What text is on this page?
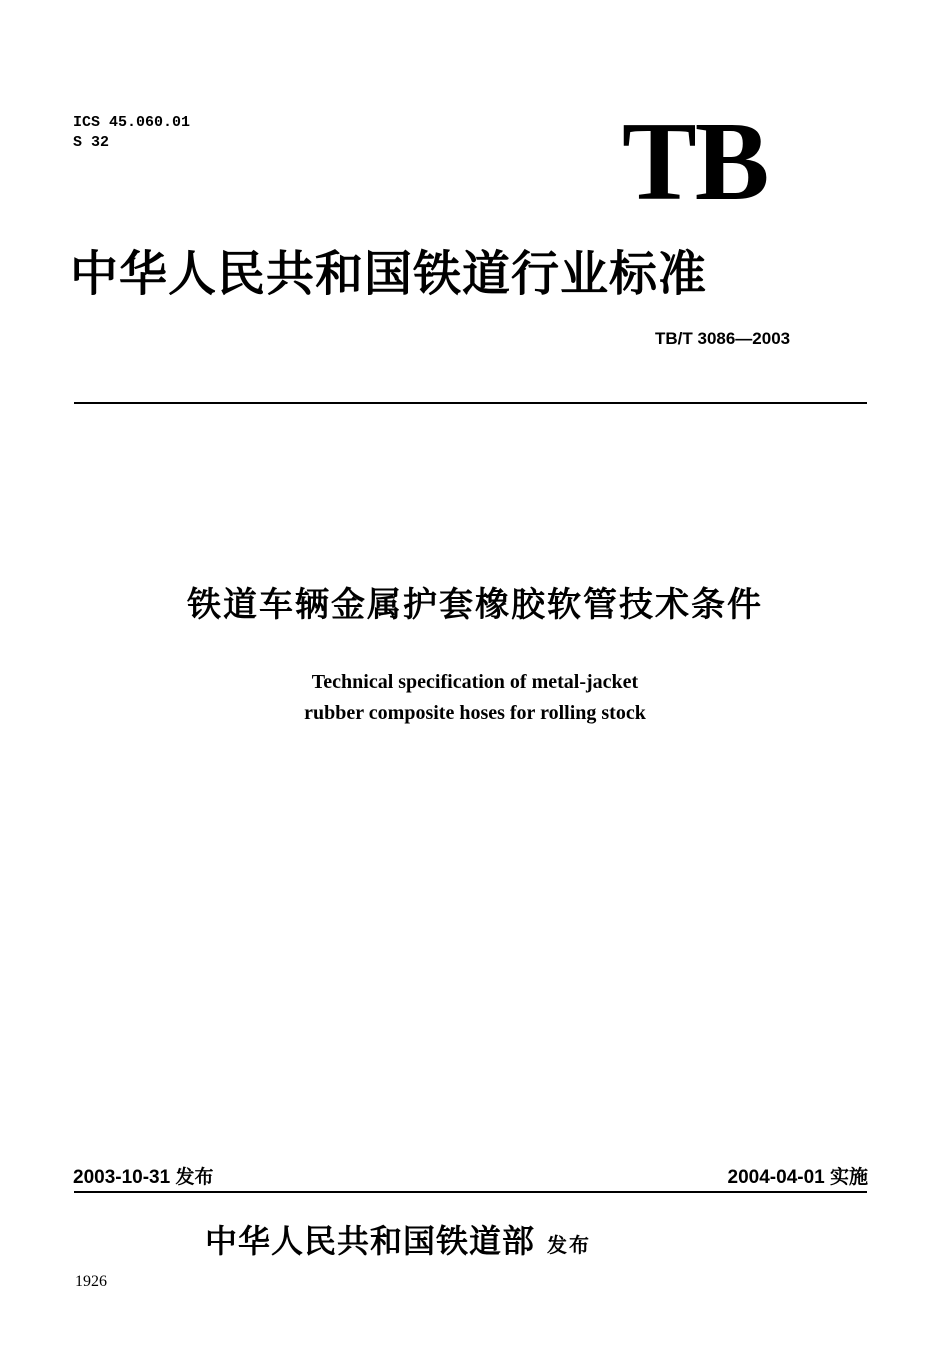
ICS 45.060.01
S 32	TB
中华人民共和国铁道行业标准
TB/T 3086—2003
铁道车辆金属护套橡胶软管技术条件
Technical specification of metal-jacket
rubber composite hoses for rolling stock
2003-10-31 发布	2004-04-01 实施
中华人民共和国铁道部 发布
1926
